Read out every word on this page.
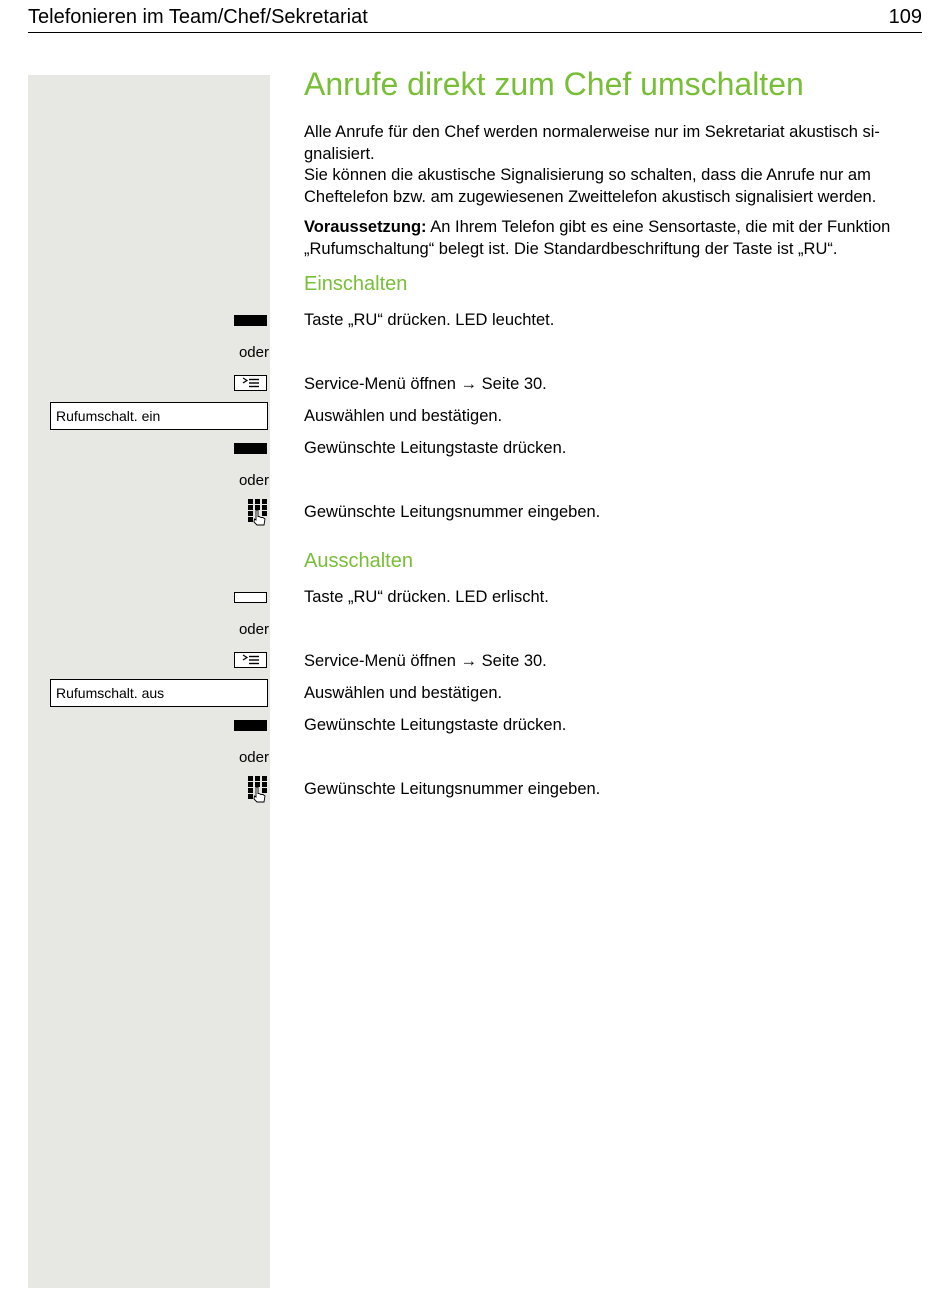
Telefonieren im Team/Chef/Sekretariat	109
Anrufe direkt zum Chef umschalten
Alle Anrufe für den Chef werden normalerweise nur im Sekretariat akustisch si-
gnalisiert.
Sie können die akustische Signalisierung so schalten, dass die Anrufe nur am
Cheftelefon bzw. am zugewiesenen Zweittelefon akustisch signalisiert werden.
Voraussetzung: An Ihrem Telefon gibt es eine Sensortaste, die mit der Funktion
„Rufumschaltung“ belegt ist. Die Standardbeschriftung der Taste ist „RU“.
Einschalten
Taste „RU“ drücken. LED leuchtet.
oder
Service-Menü öffnen → Seite 30.
Rufumschalt. ein	Auswählen und bestätigen.
Gewünschte Leitungstaste drücken.
oder
Gewünschte Leitungsnummer eingeben.
Ausschalten
Taste „RU“ drücken. LED erlischt.
oder
Service-Menü öffnen → Seite 30.
Rufumschalt. aus	Auswählen und bestätigen.
Gewünschte Leitungstaste drücken.
oder
Gewünschte Leitungsnummer eingeben.
